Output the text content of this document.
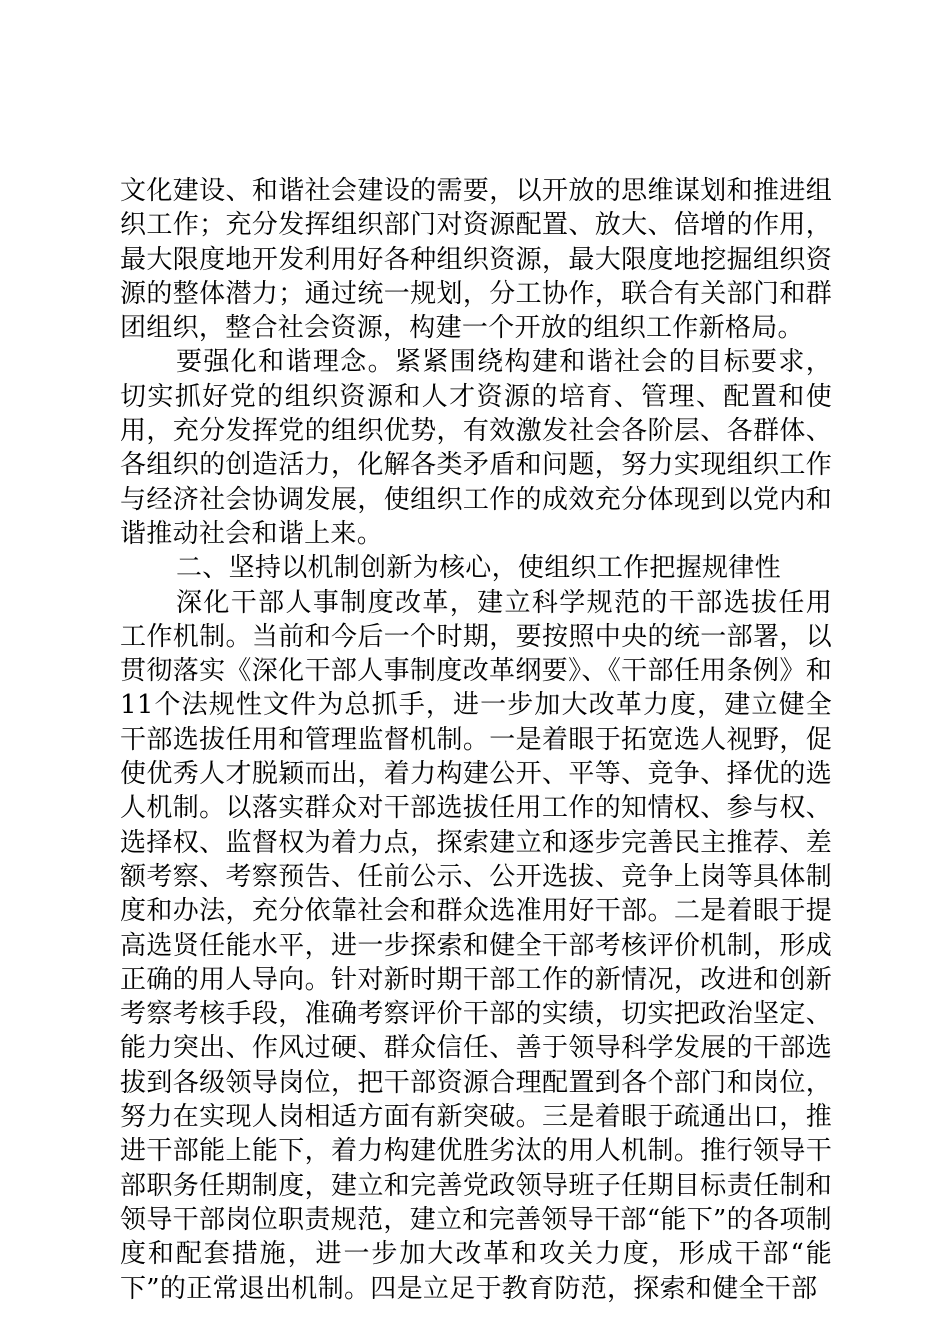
文化建设、和谐社会建设的需要，以开放的思维谋划和推进组织工作；充分发挥组织部门对资源配置、放大、倍增的作用，最大限度地开发利用好各种组织资源，最大限度地挖掘组织资源的整体潜力；通过统一规划，分工协作，联合有关部门和群团组织，整合社会资源，构建一个开放的组织工作新格局。

要强化和谐理念。紧紧围绕构建和谐社会的目标要求，切实抓好党的组织资源和人才资源的培育、管理、配置和使用，充分发挥党的组织优势，有效激发社会各阶层、各群体、各组织的创造活力，化解各类矛盾和问题，努力实现组织工作与经济社会协调发展，使组织工作的成效充分体现到以党内和谐推动社会和谐上来。

二、坚持以机制创新为核心，使组织工作把握规律性

深化干部人事制度改革，建立科学规范的干部选拔任用工作机制。当前和今后一个时期，要按照中央的统一部署，以贯彻落实《深化干部人事制度改革纲要》、《干部任用条例》和11个法规性文件为总抓手，进一步加大改革力度，建立健全干部选拔任用和管理监督机制。一是着眼于拓宽选人视野，促使优秀人才脱颖而出，着力构建公开、平等、竞争、择优的选人机制。以落实群众对干部选拔任用工作的知情权、参与权、选择权、监督权为着力点，探索建立和逐步完善民主推荐、差额考察、考察预告、任前公示、公开选拔、竞争上岗等具体制度和办法，充分依靠社会和群众选准用好干部。二是着眼于提高选贤任能水平，进一步探索和健全干部考核评价机制，形成正确的用人导向。针对新时期干部工作的新情况，改进和创新考察考核手段，准确考察评价干部的实绩，切实把政治坚定、能力突出、作风过硬、群众信任、善于领导科学发展的干部选拔到各级领导岗位，把干部资源合理配置到各个部门和岗位，努力在实现人岗相适方面有新突破。三是着眼于疏通出口，推进干部能上能下，着力构建优胜劣汰的用人机制。推行领导干部职务任期制度，建立和完善党政领导班子任期目标责任制和领导干部岗位职责规范，建立和完善领导干部“能下”的各项制度和配套措施，进一步加大改革和攻关力度，形成干部“能下”的正常退出机制。四是立足于教育防范，探索和健全干部
